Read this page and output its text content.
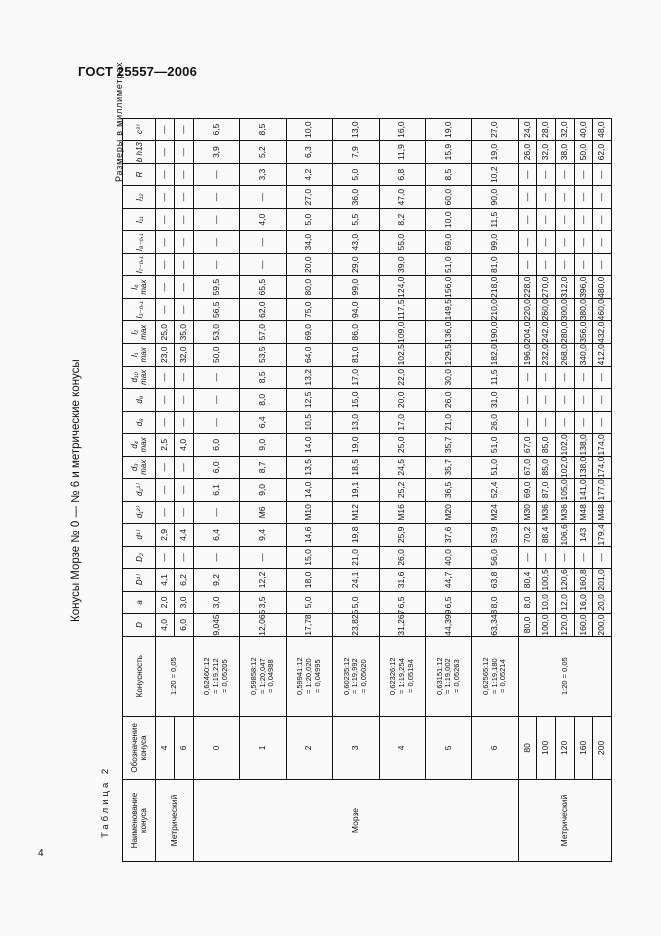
ГОСТ 25557—2006
4
Конусы Морзе № 0 — № 6 и метрические конусы
Таблица 2
Размеры в миллиметрах
Наименование конуса	Обозначение конуса	Конусность	D	a	D¹⁾	D₂	d¹⁾	d₁²⁾	d₂¹⁾	d₃ max	d₄ max	d₈	d₉	d₁₀ max	l₁ max	l₂ max	l₃₋₀,₁	l₄ max	l₇₋₀,₁	l₈₋₀,₁	l₁₁	l₁₂	R	b h13	c³⁾
Метрический	4	1:20 = 0,05	4,0	2,0	4,1	—	2,9	—	—	—	2,5	—	—	—	23,0	25,0	—	—	—	—	—	—	—	—	—
	6		6,0	3,0	6,2	—	4,4	—	—	—	4,0	—	—	—	32,0	35,0	—	—	—	—	—	—	—	—	—
Морзе	0	0,62460:12
= 1:19,212
= 0,05205	9,045	3,0	9,2	—	6,4	—	6,1	6,0	6,0	—	—	—	50,0	53,0	56,5	59,5	—	—	—	—	—	3,9	6,5
	1	0,59858:12
= 1:20,047
= 0,04988	12,065	3,5	12,2	—	9,4	M6	9,0	8,7	9,0	6,4	8,0	8,5	53,5	57,0	62,0	65,5	—	—	4,0	—	3,3	5,2	8,5
	2	0,59941:12
= 1:20,020
= 0,04995	17,78	5,0	18,0	15,0	14,6	M10	14,0	13,5	14,0	10,5	12,5	13,2	64,0	69,0	75,0	80,0	20,0	34,0	5,0	27,0	4,2	6,3	10,0
	3	0,60235:12
= 1:19,992
= 0,05020	23,825	5,0	24,1	21,0	19,8	M12	19,1	18,5	19,0	13,0	15,0	17,0	81,0	86,0	94,0	99,0	29,0	43,0	5,5	36,0	5,0	7,9	13,0
	4	0,62326:12
= 1:19,254
= 0,05194	31,267	6,5	31,6	26,0	25,9	M16	25,2	24,5	25,0	17,0	20,0	22,0	102,5	109,0	117,5	124,0	39,0	55,0	8,2	47,0	6,8	11,9	16,0
	5	0,63151:12
= 1:19,002
= 0,05263	44,399	6,5	44,7	40,0	37,6	M20	36,5	35,7	35,7	21,0	26,0	30,0	129,5	136,0	149,5	156,0	51,0	69,0	10,0	60,0	8,5	15,9	19,0
	6	0,62565:12
= 1:19,180
= 0,05214	63,348	8,0	63,8	56,0	53,9	M24	52,4	51,0	51,0	26,0	31,0	11,5	182,0	190,0	210,0	218,0	81,0	99,0	11,5	90,0	10,2	19,0	27,0
Метрический	80	1:20 = 0,05	80,0	8,0	80,4	—	70,2	M30	69,0	67,0	67,0	—	—	—	196,0	204,0	220,0	228,0	—	—	—	—	—	26,0	24,0
	100		100,0	10,0	100,5	—	88,4	M36	87,0	85,0	85,0	—	—	—	232,0	242,0	260,0	270,0	—	—	—	—	—	32,0	28,0
	120		120,0	12,0	120,6	—	106,6	M36	105,0	102,0	102,0	—	—	—	268,0	280,0	300,0	312,0	—	—	—	—	—	38,0	32,0
	160		160,0	16,0	160,8	—	143	M48	141,0	138,0	138,0	—	—	—	340,0	356,0	380,0	396,0	—	—	—	—	—	50,0	40,0
	200		200,0	20,0	201,0	—	179,4	M48	177,0	174,0	174,0	—	—	—	412,0	432,0	460,0	480,0	—	—	—	—	—	62,0	48,0
